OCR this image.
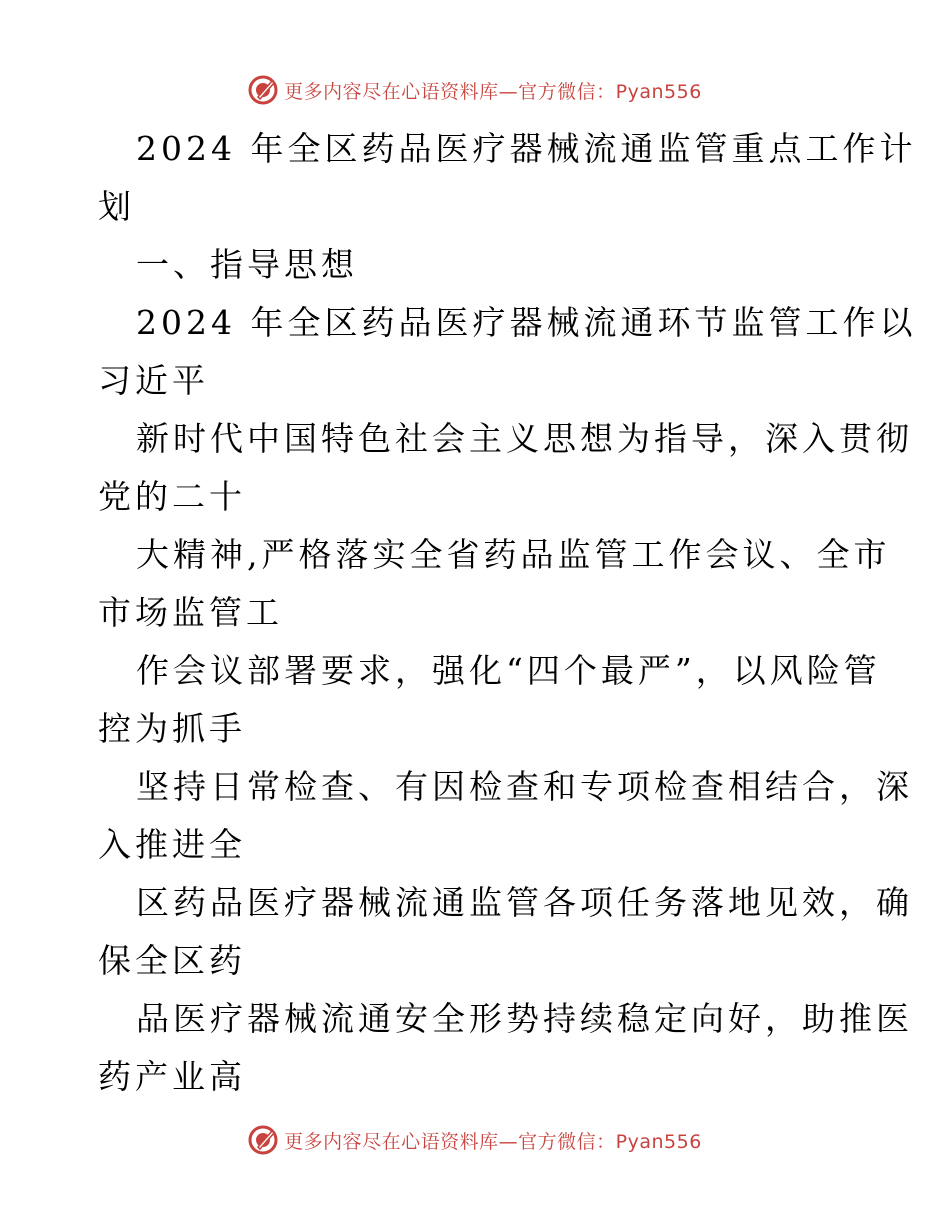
更多内容尽在心语资料库—官方微信：Pyan556
2024 年全区药品医疗器械流通监管重点工作计
划
一、指导思想
2024 年全区药品医疗器械流通环节监管工作以
习近平
新时代中国特色社会主义思想为指导，深入贯彻
党的二十
大精神,严格落实全省药品监管工作会议、全市
市场监管工
作会议部署要求，强化“四个最严”，以风险管
控为抓手
坚持日常检查、有因检查和专项检查相结合，深
入推进全
区药品医疗器械流通监管各项任务落地见效，确
保全区药
品医疗器械流通安全形势持续稳定向好，助推医
药产业高
更多内容尽在心语资料库—官方微信：Pyan556
